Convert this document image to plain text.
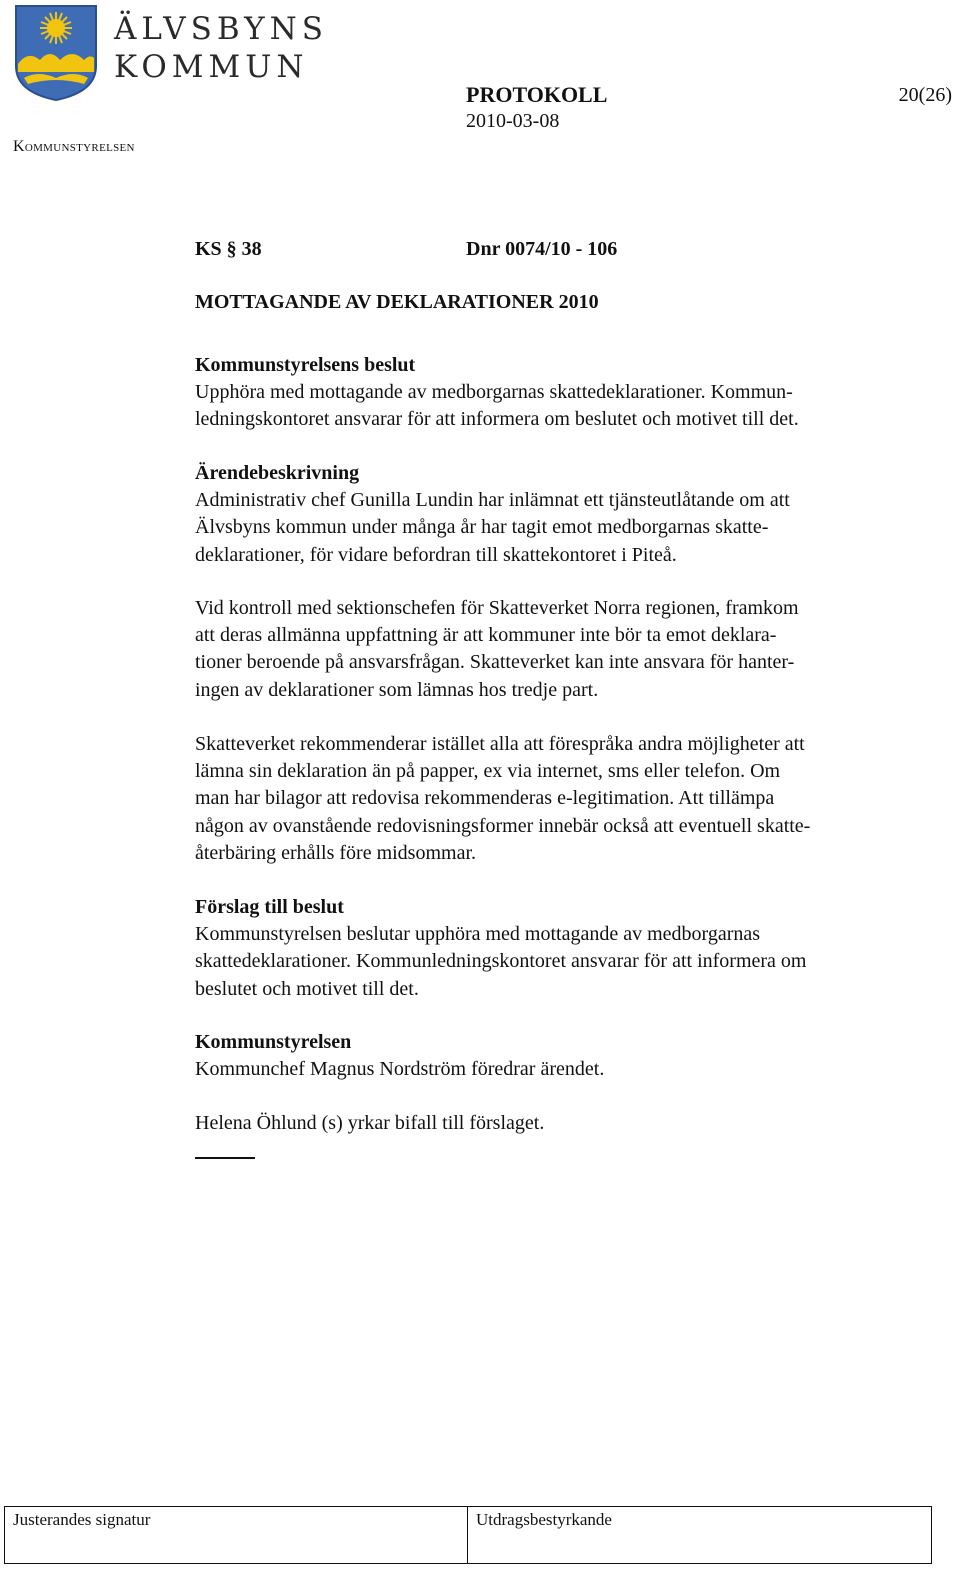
ÄLVSBYNS
KOMMUN
Kommunstyrelsen
PROTOKOLL
2010-03-08
20(26)
KS § 38	Dnr 0074/10 - 106
MOTTAGANDE AV DEKLARATIONER 2010

Kommunstyrelsens beslut

Upphöra med mottagande av medborgarnas skattedeklarationer. Kommun-

ledningskontoret ansvarar för att informera om beslutet och motivet till det.

Ärendebeskrivning

Administrativ chef Gunilla Lundin har inlämnat ett tjänsteutlåtande om att

Älvsbyns kommun under många år har tagit emot medborgarnas skatte-

deklarationer, för vidare befordran till skattekontoret i Piteå.

Vid kontroll med sektionschefen för Skatteverket Norra regionen, framkom

att deras allmänna uppfattning är att kommuner inte bör ta emot deklara-

tioner beroende på ansvarsfrågan. Skatteverket kan inte ansvara för hanter-

ingen av deklarationer som lämnas hos tredje part.

Skatteverket rekommenderar istället alla att förespråka andra möjligheter att

lämna sin deklaration än på papper, ex via internet, sms eller telefon. Om

man har bilagor att redovisa rekommenderas e-legitimation. Att tillämpa

någon av ovanstående redovisningsformer innebär också att eventuell skatte-

återbäring erhålls före midsommar.

Förslag till beslut

Kommunstyrelsen beslutar upphöra med mottagande av medborgarnas

skattedeklarationer. Kommunledningskontoret ansvarar för att informera om

beslutet och motivet till det.

Kommunstyrelsen

Kommunchef Magnus Nordström föredrar ärendet.

Helena Öhlund (s) yrkar bifall till förslaget.

Justerandes signatur	Utdragsbestyrkande
